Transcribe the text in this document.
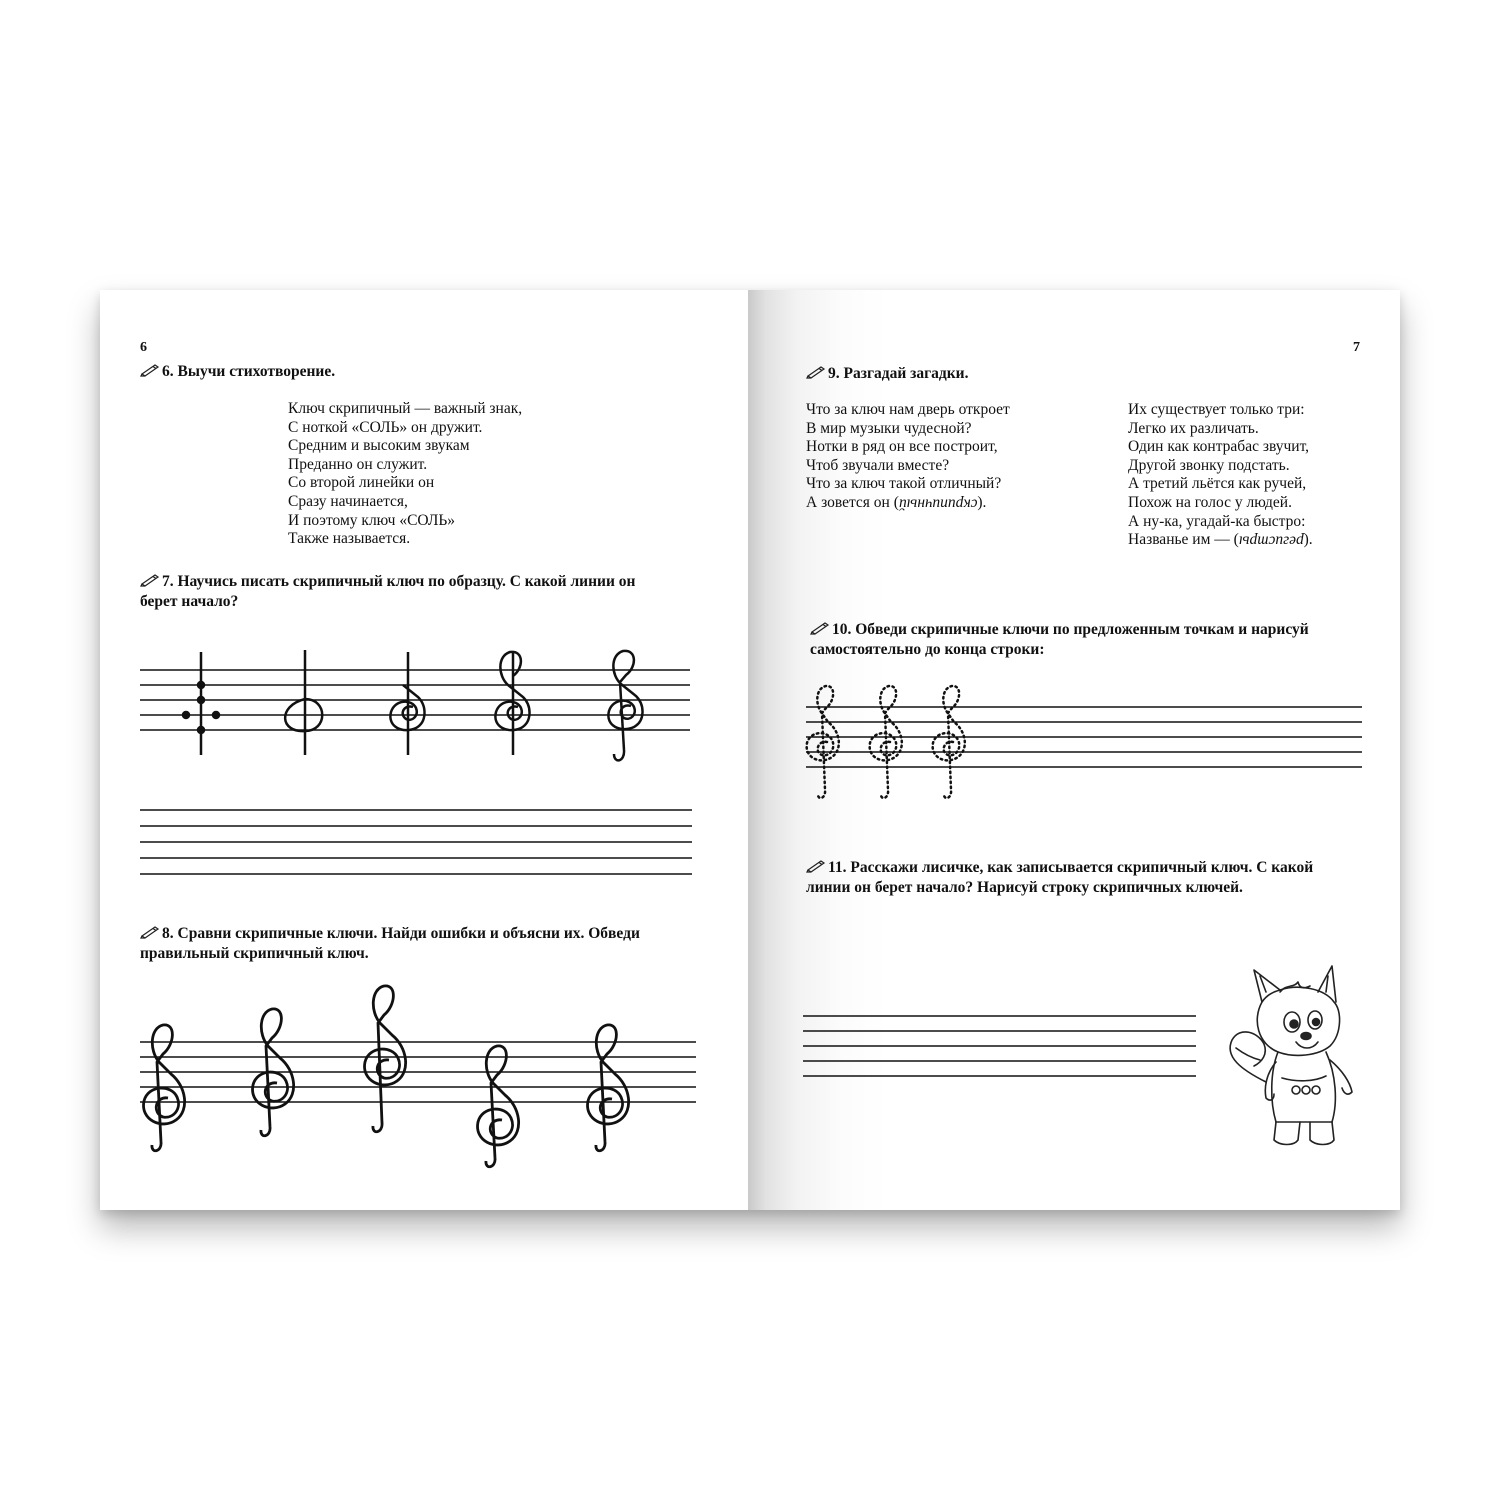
6
6. Выучи стихотворение.
Ключ скрипичный — важный знак,
С ноткой «СОЛЬ» он дружит.
Средним и высоким звукам
Преданно он служит.
Со второй линейки он
Сразу начинается,
И поэтому ключ «СОЛЬ»
Также называется.
7. Научись писать скрипичный ключ по образцу. С какой линии он
берет начало?
8. Сравни скрипичные ключи. Найди ошибки и объясни их. Обведи
правильный скрипичный ключ.
7
9. Разгадай загадки.
Что за ключ нам дверь откроет
В мир музыки чудесной?
Нотки в ряд он все построит,
Чтоб звучали вместе?
Что за ключ такой отличный?
А зовется он (скрипичный).
Их существует только три:
Легко их различать.
Один как контрабас звучит,
Другой звонку подстать.
А третий льётся как ручей,
Похож на голос у людей.
А ну-ка, угадай-ка быстро:
Названье им — (регистры).
10. Обведи скрипичные ключи по предложенным точкам и нарисуй
самостоятельно до конца строки:
11. Расскажи лисичке, как записывается скрипичный ключ. С какой
линии он берет начало? Нарисуй строку скрипичных ключей.
